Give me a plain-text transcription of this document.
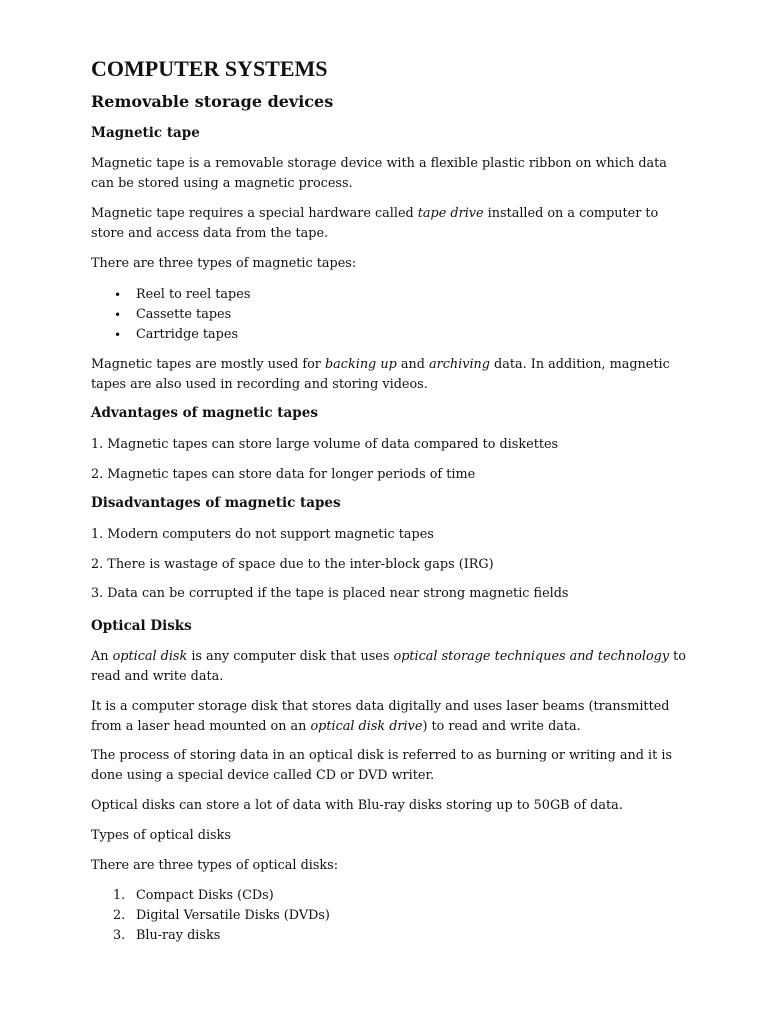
COMPUTER SYSTEMS
Removable storage devices
Magnetic tape
Magnetic tape is a removable storage device with a flexible plastic ribbon on which data
can be stored using a magnetic process.
Magnetic tape requires a special hardware called tape drive installed on a computer to
store and access data from the tape.
There are three types of magnetic tapes:
• Reel to reel tapes
• Cassette tapes
• Cartridge tapes
Magnetic tapes are mostly used for backing up and archiving data. In addition, magnetic
tapes are also used in recording and storing videos.
Advantages of magnetic tapes
1. Magnetic tapes can store large volume of data compared to diskettes
2. Magnetic tapes can store data for longer periods of time
Disadvantages of magnetic tapes
1. Modern computers do not support magnetic tapes
2. There is wastage of space due to the inter-block gaps (IRG)
3. Data can be corrupted if the tape is placed near strong magnetic fields
Optical Disks
An optical disk is any computer disk that uses optical storage techniques and technology to
read and write data.
It is a computer storage disk that stores data digitally and uses laser beams (transmitted
from a laser head mounted on an optical disk drive) to read and write data.
The process of storing data in an optical disk is referred to as burning or writing and it is
done using a special device called CD or DVD writer.
Optical disks can store a lot of data with Blu-ray disks storing up to 50GB of data.
Types of optical disks
There are three types of optical disks:
1. Compact Disks (CDs)
2. Digital Versatile Disks (DVDs)
3. Blu-ray disks
